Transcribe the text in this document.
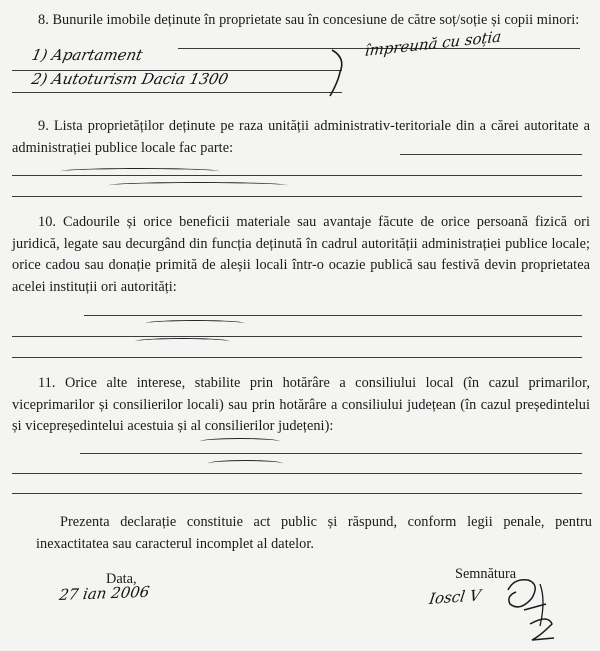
8. Bunurile imobile deținute în proprietate sau în concesiune de către soț/soție și copii minori:
1) Apartament
2) Autoturism Dacia 1300
împreună cu soția
9. Lista proprietăților deținute pe raza unității administrativ-teritoriale din a cărei autoritate a administrației publice locale fac parte:
10. Cadourile și orice beneficii materiale sau avantaje făcute de orice persoană fizică ori juridică, legate sau decurgând din funcția deținută în cadrul autorității administrației publice locale; orice cadou sau donație primită de aleșii locali într-o ocazie publică sau festivă devin proprietatea acelei instituții ori autorități:
11. Orice alte interese, stabilite prin hotărâre a consiliului local (în cazul primarilor, viceprimarilor și consilierilor locali) sau prin hotărâre a consiliului județean (în cazul președintelui și vicepreședintelui acestuia și al consilierilor județeni):
Prezenta declarație constituie act public și răspund, conform legii penale, pentru inexactitatea sau caracterul incomplet al datelor.
Data,
27 ian 2006
Semnătura
Ioscl V
